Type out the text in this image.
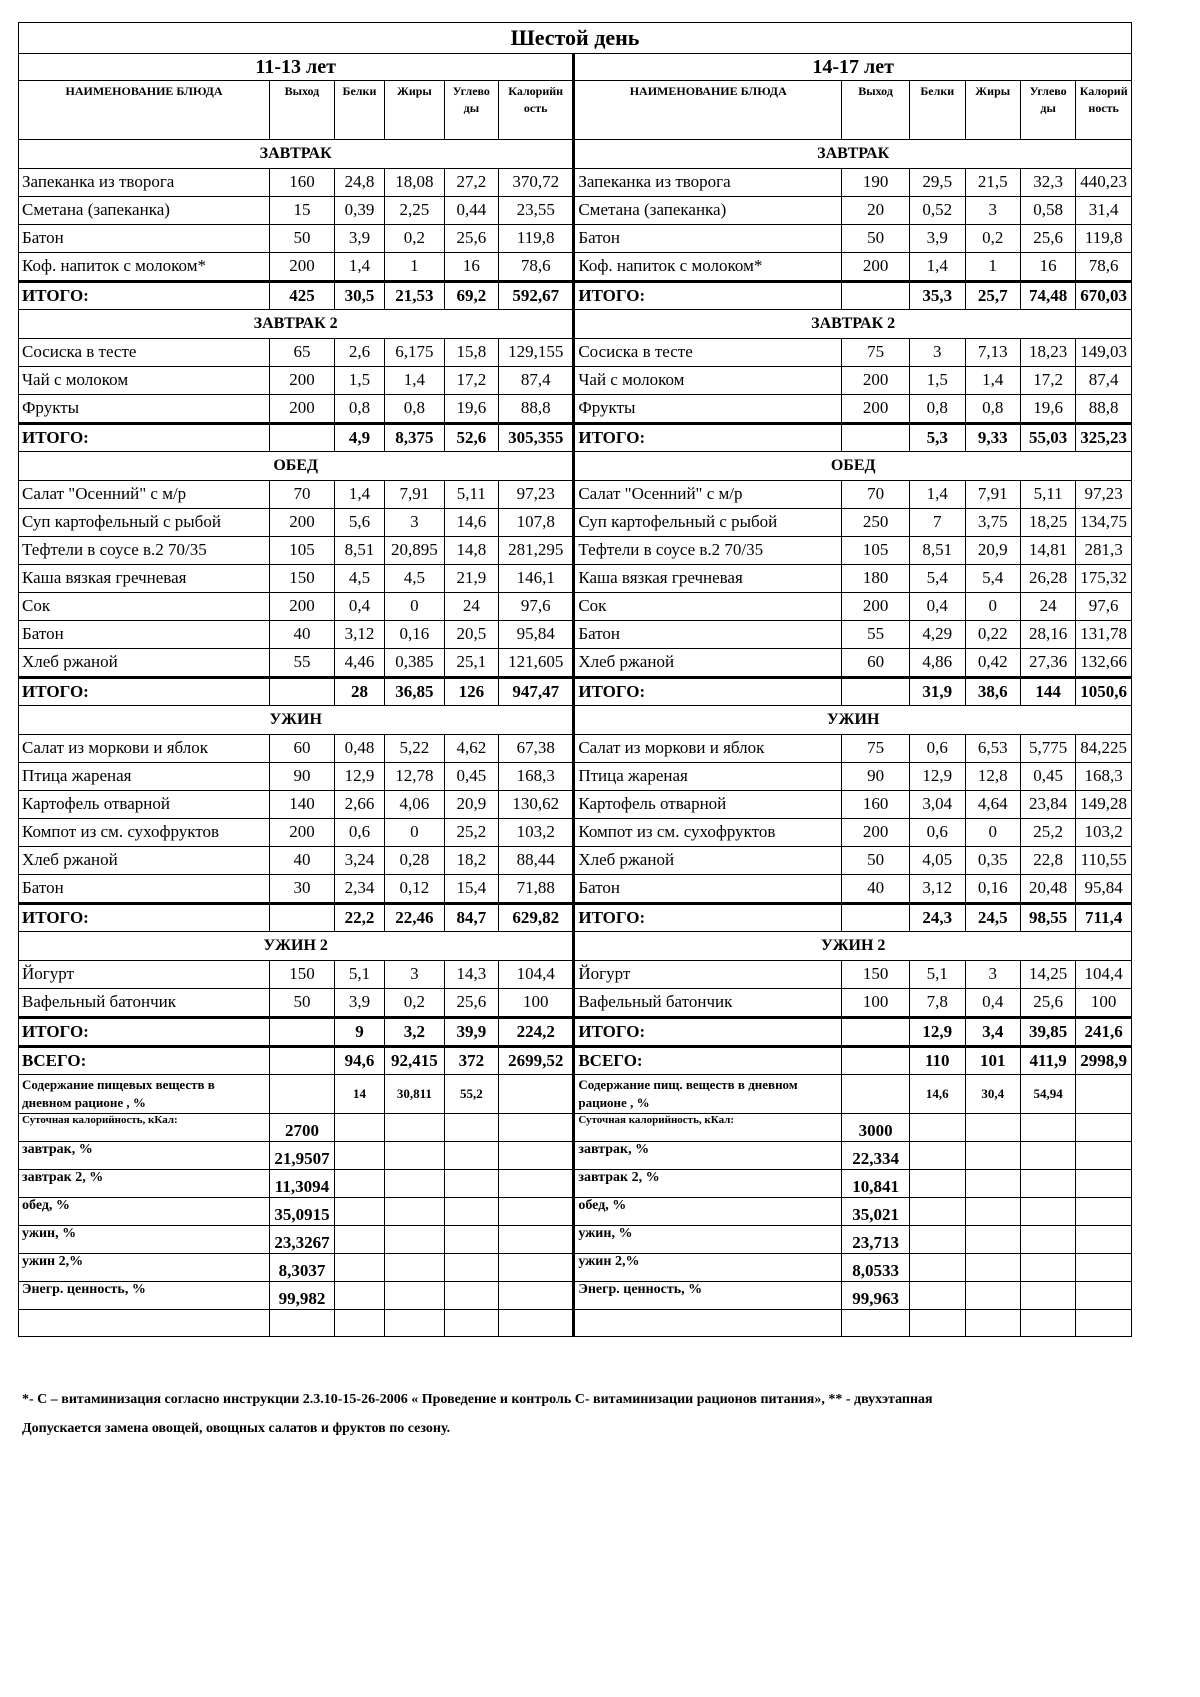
Шестой день											
11-13 лет						14-17 лет					
НАИМЕНОВАНИЕ БЛЮДА	Выход	Белки	Жиры	Углево ды	Калорийн ость	НАИМЕНОВАНИЕ БЛЮДА	Выход	Белки	Жиры	Углево ды	Калорий ность
ЗАВТРАК						ЗАВТРАК					
Запеканка из творога	160	24,8	18,08	27,2	370,72	Запеканка из творога	190	29,5	21,5	32,3	440,23
Сметана (запеканка)	15	0,39	2,25	0,44	23,55	Сметана (запеканка)	20	0,52	3	0,58	31,4
Батон	50	3,9	0,2	25,6	119,8	Батон	50	3,9	0,2	25,6	119,8
Коф. напиток с молоком*	200	1,4	1	16	78,6	Коф. напиток с молоком*	200	1,4	1	16	78,6
ИТОГО:	425	30,5	21,53	69,2	592,67	ИТОГО:		35,3	25,7	74,48	670,03
ЗАВТРАК 2						ЗАВТРАК 2					
Сосиска в тесте	65	2,6	6,175	15,8	129,155	Сосиска в тесте	75	3	7,13	18,23	149,03
Чай с молоком	200	1,5	1,4	17,2	87,4	Чай с молоком	200	1,5	1,4	17,2	87,4
Фрукты	200	0,8	0,8	19,6	88,8	Фрукты	200	0,8	0,8	19,6	88,8
ИТОГО:		4,9	8,375	52,6	305,355	ИТОГО:		5,3	9,33	55,03	325,23
ОБЕД						ОБЕД					
Салат "Осенний" с м/р	70	1,4	7,91	5,11	97,23	Салат "Осенний" с м/р	70	1,4	7,91	5,11	97,23
Суп картофельный с рыбой	200	5,6	3	14,6	107,8	Суп картофельный с рыбой	250	7	3,75	18,25	134,75
Тефтели в соусе в.2 70/35	105	8,51	20,895	14,8	281,295	Тефтели в соусе в.2 70/35	105	8,51	20,9	14,81	281,3
Каша вязкая гречневая	150	4,5	4,5	21,9	146,1	Каша вязкая гречневая	180	5,4	5,4	26,28	175,32
Сок	200	0,4	0	24	97,6	Сок	200	0,4	0	24	97,6
Батон	40	3,12	0,16	20,5	95,84	Батон	55	4,29	0,22	28,16	131,78
Хлеб ржаной	55	4,46	0,385	25,1	121,605	Хлеб ржаной	60	4,86	0,42	27,36	132,66
ИТОГО:		28	36,85	126	947,47	ИТОГО:		31,9	38,6	144	1050,6
УЖИН						УЖИН					
Салат из моркови и яблок	60	0,48	5,22	4,62	67,38	Салат из моркови и яблок	75	0,6	6,53	5,775	84,225
Птица жареная	90	12,9	12,78	0,45	168,3	Птица жареная	90	12,9	12,8	0,45	168,3
Картофель отварной	140	2,66	4,06	20,9	130,62	Картофель отварной	160	3,04	4,64	23,84	149,28
Компот из см. сухофруктов	200	0,6	0	25,2	103,2	Компот из см. сухофруктов	200	0,6	0	25,2	103,2
Хлеб ржаной	40	3,24	0,28	18,2	88,44	Хлеб ржаной	50	4,05	0,35	22,8	110,55
Батон	30	2,34	0,12	15,4	71,88	Батон	40	3,12	0,16	20,48	95,84
ИТОГО:		22,2	22,46	84,7	629,82	ИТОГО:		24,3	24,5	98,55	711,4
УЖИН 2						УЖИН 2					
Йогурт	150	5,1	3	14,3	104,4	Йогурт	150	5,1	3	14,25	104,4
Вафельный батончик	50	3,9	0,2	25,6	100	Вафельный батончик	100	7,8	0,4	25,6	100
ИТОГО:		9	3,2	39,9	224,2	ИТОГО:		12,9	3,4	39,85	241,6
ВСЕГО:		94,6	92,415	372	2699,52	ВСЕГО:		110	101	411,9	2998,9
Содержание пищевых веществ в дневном рационе , %		14	30,811	55,2		Содержание пищ. веществ в дневном рационе , %		14,6	30,4	54,94	
Суточная калорийность, кКал:	2700					Суточная калорийность, кКал:	3000				
завтрак, %	21,9507					завтрак, %	22,334				
завтрак 2, %	11,3094					завтрак 2, %	10,841				
обед, %	35,0915					обед, %	35,021				
ужин, %	23,3267					ужин, %	23,713				
ужин 2,%	8,3037					ужин 2,%	8,0533				
Энегр. ценность, %	99,982					Энегр. ценность, %	99,963				

*- С – витаминизация согласно инструкции 2.3.10-15-26-2006 « Проведение и контроль С- витаминизации рационов питания», ** - двухэтапная
Допускается замена овощей, овощных салатов и фруктов по сезону.
